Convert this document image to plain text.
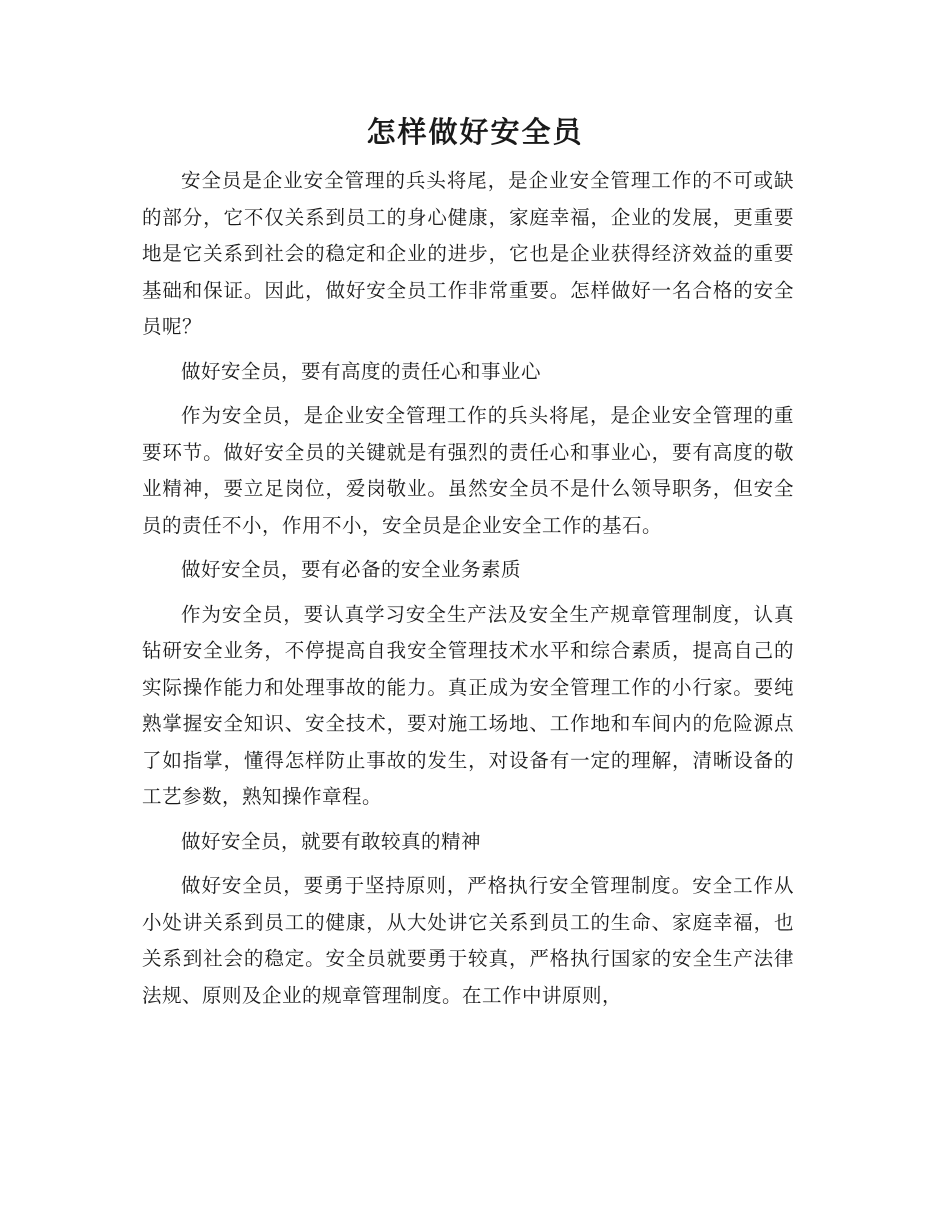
怎样做好安全员

安全员是企业安全管理的兵头将尾，是企业安全管理工作的不可或缺的部分，它不仅关系到员工的身心健康，家庭幸福，企业的发展，更重要地是它关系到社会的稳定和企业的进步，它也是企业获得经济效益的重要基础和保证。因此，做好安全员工作非常重要。怎样做好一名合格的安全员呢？

做好安全员，要有高度的责任心和事业心

作为安全员，是企业安全管理工作的兵头将尾，是企业安全管理的重要环节。做好安全员的关键就是有强烈的责任心和事业心，要有高度的敬业精神，要立足岗位，爱岗敬业。虽然安全员不是什么领导职务，但安全员的责任不小，作用不小，安全员是企业安全工作的基石。

做好安全员，要有必备的安全业务素质

作为安全员，要认真学习安全生产法及安全生产规章管理制度，认真钻研安全业务，不停提高自我安全管理技术水平和综合素质，提高自己的实际操作能力和处理事故的能力。真正成为安全管理工作的小行家。要纯熟掌握安全知识、安全技术，要对施工场地、工作地和车间内的危险源点了如指掌，懂得怎样防止事故的发生，对设备有一定的理解，清晰设备的工艺参数，熟知操作章程。

做好安全员，就要有敢较真的精神

做好安全员，要勇于坚持原则，严格执行安全管理制度。安全工作从小处讲关系到员工的健康，从大处讲它关系到员工的生命、家庭幸福，也关系到社会的稳定。安全员就要勇于较真，严格执行国家的安全生产法律法规、原则及企业的规章管理制度。在工作中讲原则，
